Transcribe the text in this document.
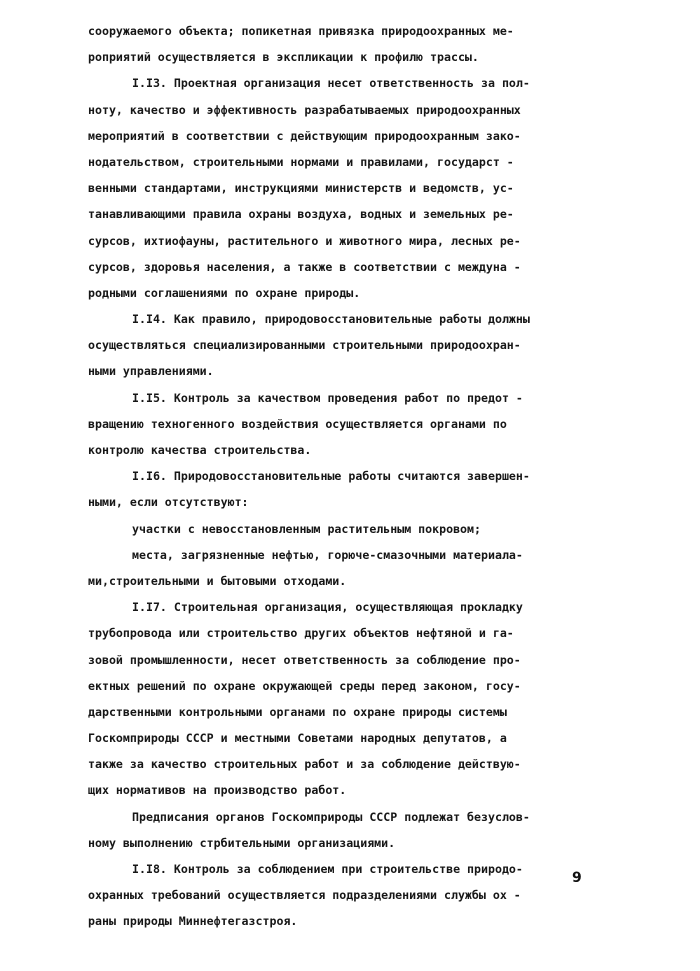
сооружаемого объекта; попикетная привязка природоохранных ме-
роприятий осуществляется в экспликации к профилю трассы.
I.I3. Проектная организация несет ответственность за пол-
ноту, качество и эффективность разрабатываемых природоохранных
мероприятий в соответствии с действующим природоохранным зако-
нодательством, строительными нормами и правилами, государст -
венными стандартами, инструкциями министерств и ведомств, ус-
танавливающими правила охраны воздуха, водных и земельных ре-
сурсов, ихтиофауны, растительного и животного мира, лесных ре-
сурсов, здоровья населения, а также в соответствии с междуна -
родными соглашениями по охране природы.
I.I4. Как правило, природовосстановительные работы должны
осуществляться специализированными строительными природоохран-
ными управлениями.
I.I5. Контроль за качеством проведения работ по предот -
вращению техногенного воздействия осуществляется органами по
контролю качества строительства.
I.I6. Природовосстановительные работы считаются завершен-
ными, если отсутствуют:
участки с невосстановленным растительным покровом;
места, загрязненные нефтью, горюче-смазочными материала-
ми,строительными и бытовыми отходами.
I.I7. Строительная организация, осуществляющая прокладку
трубопровода или строительство других объектов нефтяной и га-
зовой промышленности, несет ответственность за соблюдение про-
ектных решений по охране окружающей среды перед законом, госу-
дарственными контрольными органами по охране природы системы
Госкомприроды СССР и местными Советами народных депутатов, а
также за качество строительных работ и за соблюдение действую-
щих нормативов на производство работ.
Предписания органов Госкомприроды СССР подлежат безуслов-
ному выполнению стрбительными организациями.
I.I8. Контроль за соблюдением при строительстве природо-
охранных требований осуществляется подразделениями службы ох -
раны природы Миннефтегазстроя.
9
